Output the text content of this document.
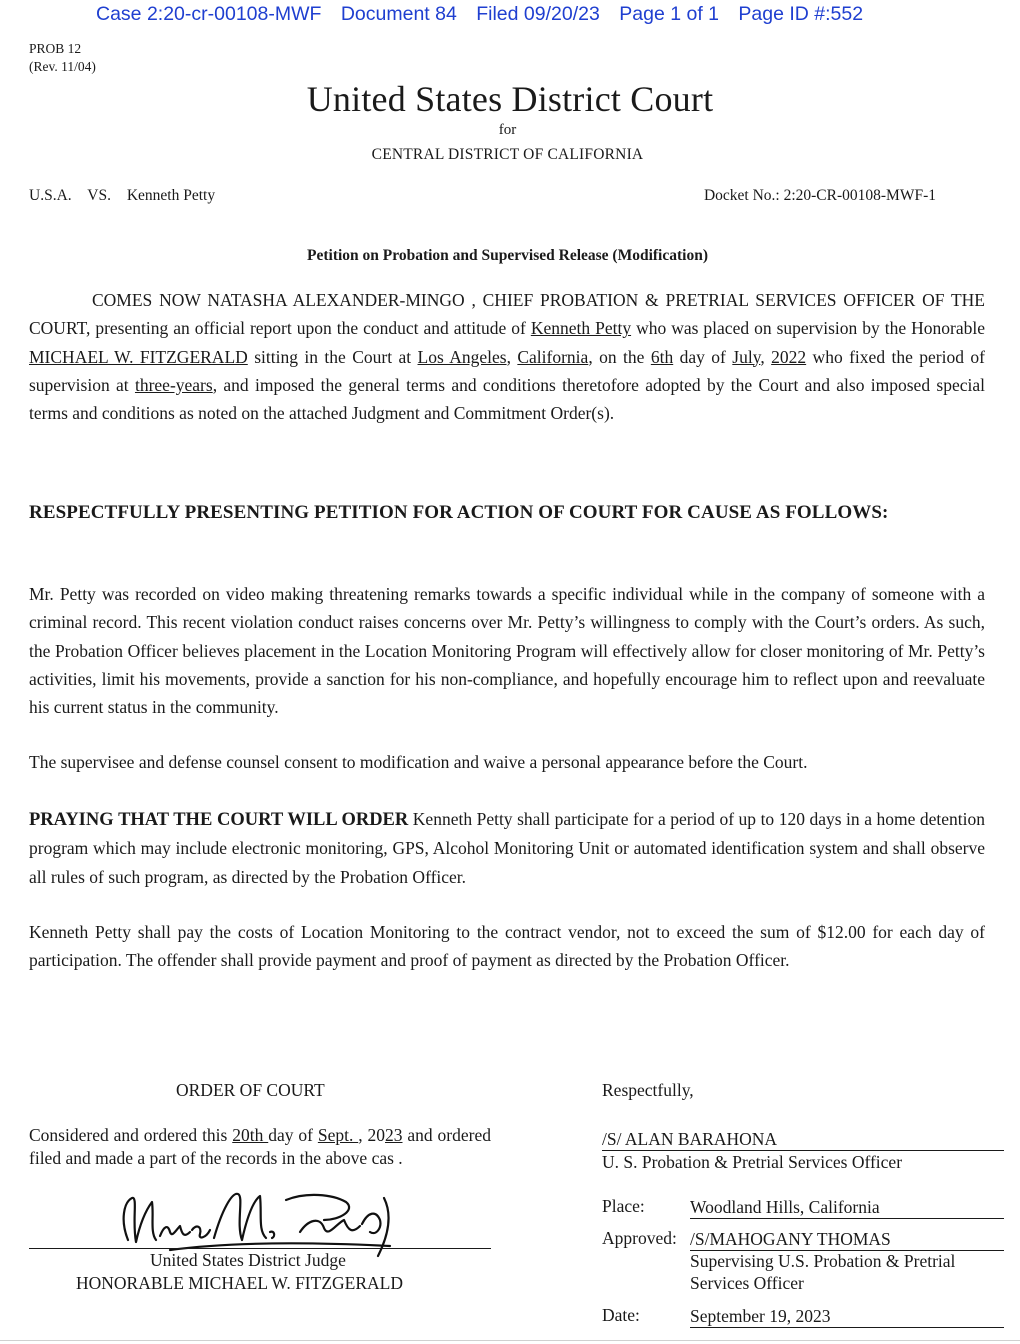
Case 2:20-cr-00108-MWF Document 84 Filed 09/20/23 Page 1 of 1 Page ID #:552
PROB 12
(Rev. 11/04)
United States District Court
for
CENTRAL DISTRICT OF CALIFORNIA
U.S.A. VS. Kenneth Petty	Docket No.: 2:20-CR-00108-MWF-1
Petition on Probation and Supervised Release (Modification)
COMES NOW NATASHA ALEXANDER-MINGO , CHIEF PROBATION & PRETRIAL SERVICES OFFICER OF THE COURT, presenting an official report upon the conduct and attitude of Kenneth Petty who was placed on supervision by the Honorable MICHAEL W. FITZGERALD sitting in the Court at Los Angeles, California, on the 6th day of July, 2022 who fixed the period of supervision at three-years, and imposed the general terms and conditions theretofore adopted by the Court and also imposed special terms and conditions as noted on the attached Judgment and Commitment Order(s).
RESPECTFULLY PRESENTING PETITION FOR ACTION OF COURT FOR CAUSE AS FOLLOWS:
Mr. Petty was recorded on video making threatening remarks towards a specific individual while in the company of someone with a criminal record. This recent violation conduct raises concerns over Mr. Petty’s willingness to comply with the Court’s orders. As such, the Probation Officer believes placement in the Location Monitoring Program will effectively allow for closer monitoring of Mr. Petty’s activities, limit his movements, provide a sanction for his non-compliance, and hopefully encourage him to reflect upon and reevaluate his current status in the community.
The supervisee and defense counsel consent to modification and waive a personal appearance before the Court.
PRAYING THAT THE COURT WILL ORDER Kenneth Petty shall participate for a period of up to 120 days in a home detention program which may include electronic monitoring, GPS, Alcohol Monitoring Unit or automated identification system and shall observe all rules of such program, as directed by the Probation Officer.
Kenneth Petty shall pay the costs of Location Monitoring to the contract vendor, not to exceed the sum of $12.00 for each day of participation. The offender shall provide payment and proof of payment as directed by the Probation Officer.
ORDER OF COURT
Considered and ordered this 20th day of Sept. , 2023 and ordered filed and made a part of the records in the above cas .
United States District Judge
HONORABLE MICHAEL W. FITZGERALD
Respectfully,
/S/ ALAN BARAHONA
U. S. Probation & Pretrial Services Officer
Place:	Woodland Hills, California
Approved: /S/MAHOGANY THOMAS
Supervising U.S. Probation & Pretrial Services Officer
Date:	September 19, 2023
